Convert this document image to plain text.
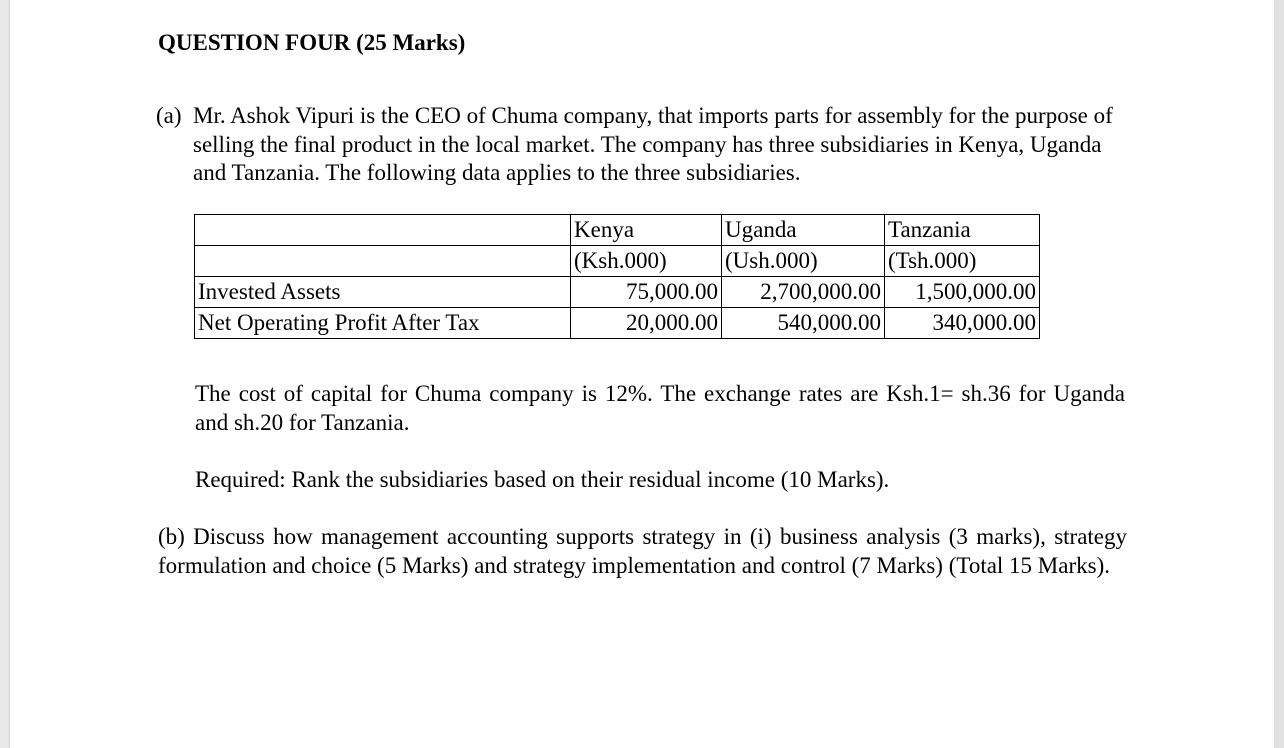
QUESTION FOUR (25 Marks)
(a) Mr. Ashok Vipuri is the CEO of Chuma company, that imports parts for assembly for the purpose of selling the final product in the local market. The company has three subsidiaries in Kenya, Uganda and Tanzania. The following data applies to the three subsidiaries.
	Kenya	Uganda	Tanzania
	(Ksh.000)	(Ush.000)	(Tsh.000)
Invested Assets	75,000.00	2,700,000.00	1,500,000.00
Net Operating Profit After Tax	20,000.00	540,000.00	340,000.00

The cost of capital for Chuma company is 12%. The exchange rates are Ksh.1= sh.36 for Uganda and sh.20 for Tanzania.

Required: Rank the subsidiaries based on their residual income (10 Marks).

(b) Discuss how management accounting supports strategy in (i) business analysis (3 marks), strategy formulation and choice (5 Marks) and strategy implementation and control (7 Marks) (Total 15 Marks).
